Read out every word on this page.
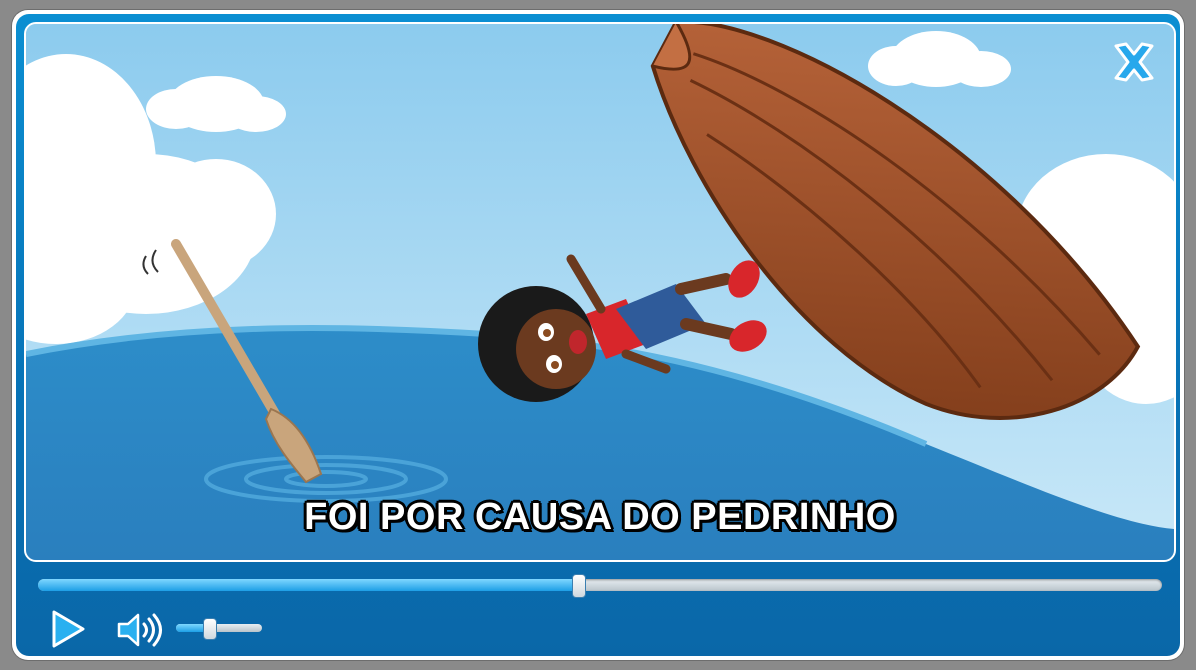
FOI POR CAUSA DO PEDRINHO
